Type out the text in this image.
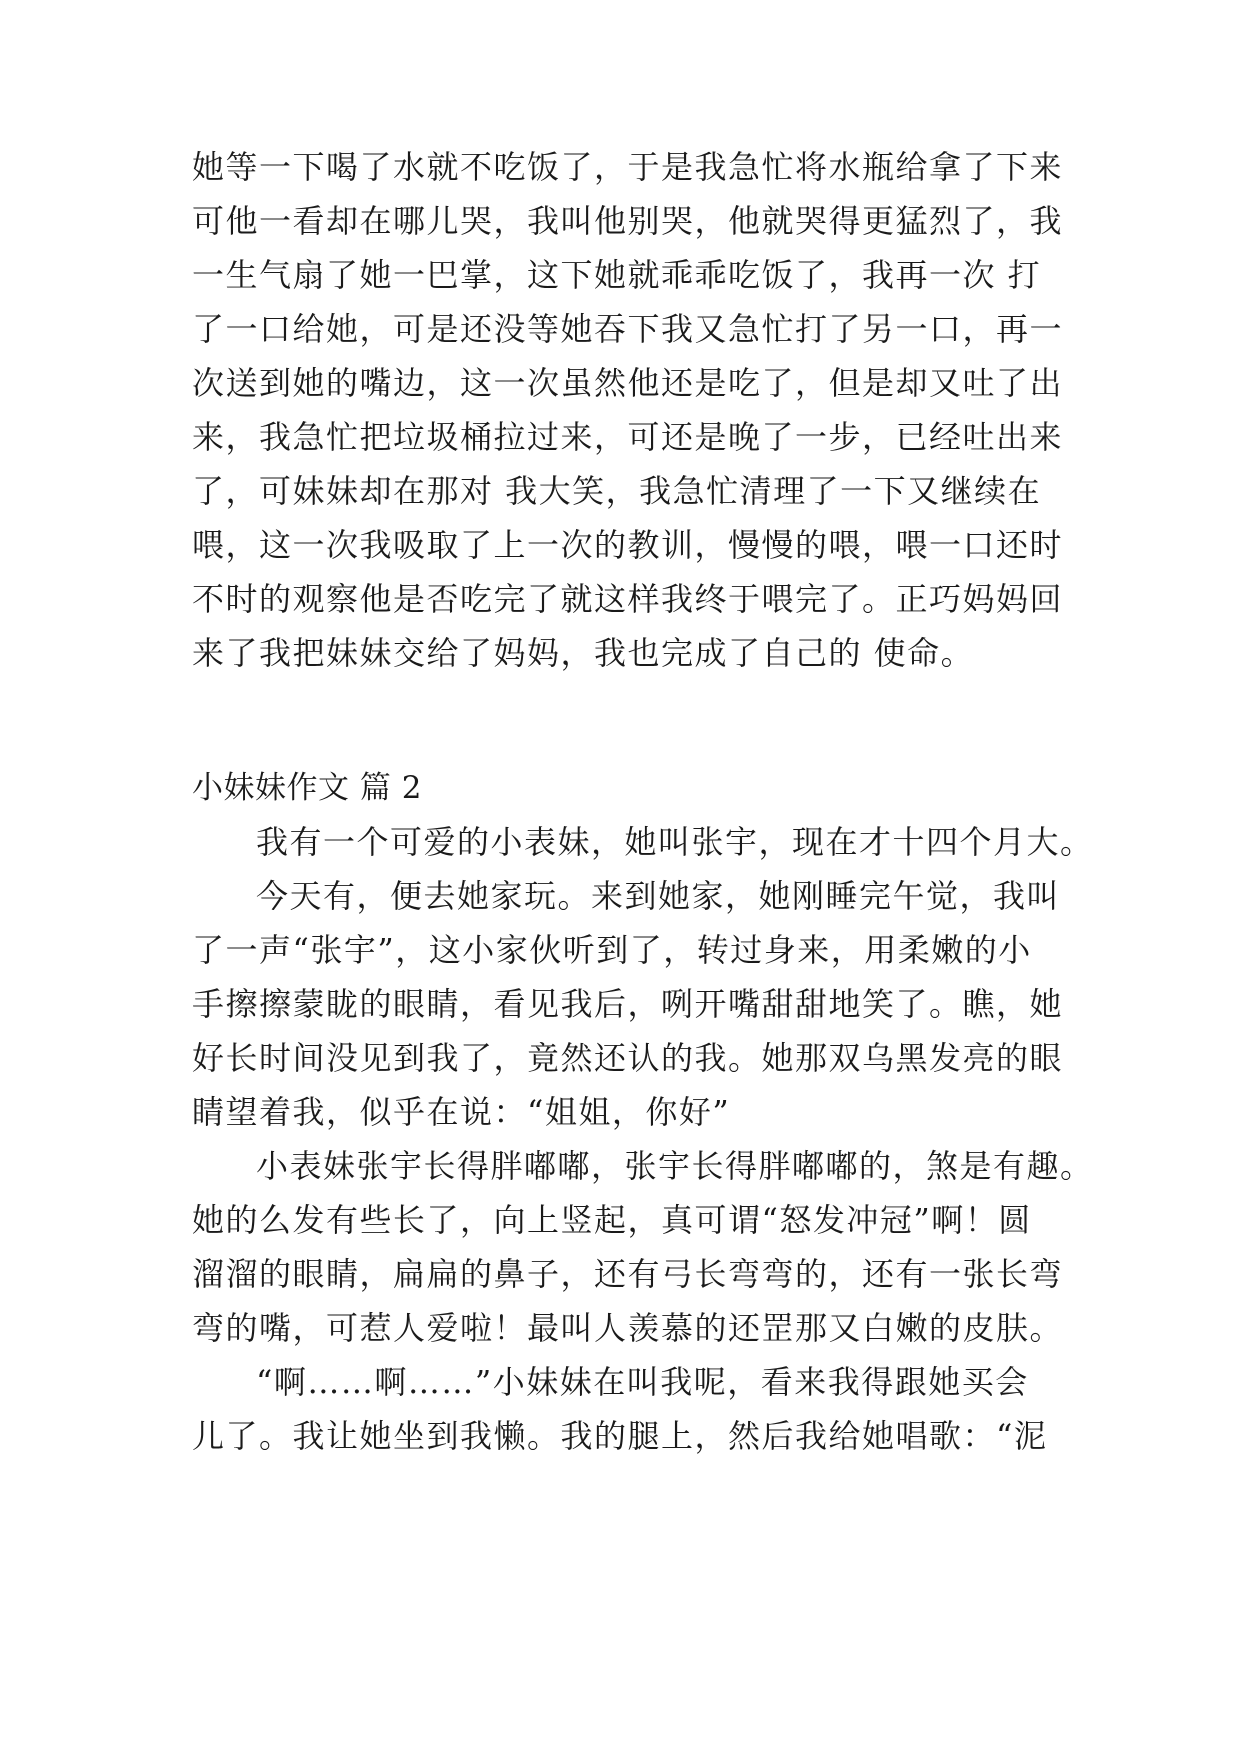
她等一下喝了水就不吃饭了，于是我急忙将水瓶给拿了下来
可他一看却在哪儿哭，我叫他别哭，他就哭得更猛烈了，我
一生气扇了她一巴掌，这下她就乖乖吃饭了，我再一次 打
了一口给她，可是还没等她吞下我又急忙打了另一口，再一
次送到她的嘴边，这一次虽然他还是吃了，但是却又吐了出
来，我急忙把垃圾桶拉过来，可还是晚了一步，已经吐出来
了，可妹妹却在那对 我大笑，我急忙清理了一下又继续在
喂，这一次我吸取了上一次的教训，慢慢的喂，喂一口还时
不时的观察他是否吃完了就这样我终于喂完了。正巧妈妈回
来了我把妹妹交给了妈妈，我也完成了自己的 使命。
小妹妹作文 篇 2
我有一个可爱的小表妹，她叫张宇，现在才十四个月大。
今天有，便去她家玩。来到她家，她刚睡完午觉，我叫
了一声“张宇”，这小家伙听到了，转过身来，用柔嫩的小
手擦擦蒙眬的眼睛，看见我后，咧开嘴甜甜地笑了。瞧，她
好长时间没见到我了，竟然还认的我。她那双乌黑发亮的眼
睛望着我，似乎在说：“姐姐，你好”
小表妹张宇长得胖嘟嘟，张宇长得胖嘟嘟的，煞是有趣。
她的么发有些长了，向上竖起，真可谓“怒发冲冠”啊！圆
溜溜的眼睛，扁扁的鼻子，还有弓长弯弯的，还有一张长弯
弯的嘴，可惹人爱啦！最叫人羡慕的还罡那又白嫩的皮肤。
“啊……啊……”小妹妹在叫我呢，看来我得跟她买会
儿了。我让她坐到我懒。我的腿上，然后我给她唱歌：“泥
